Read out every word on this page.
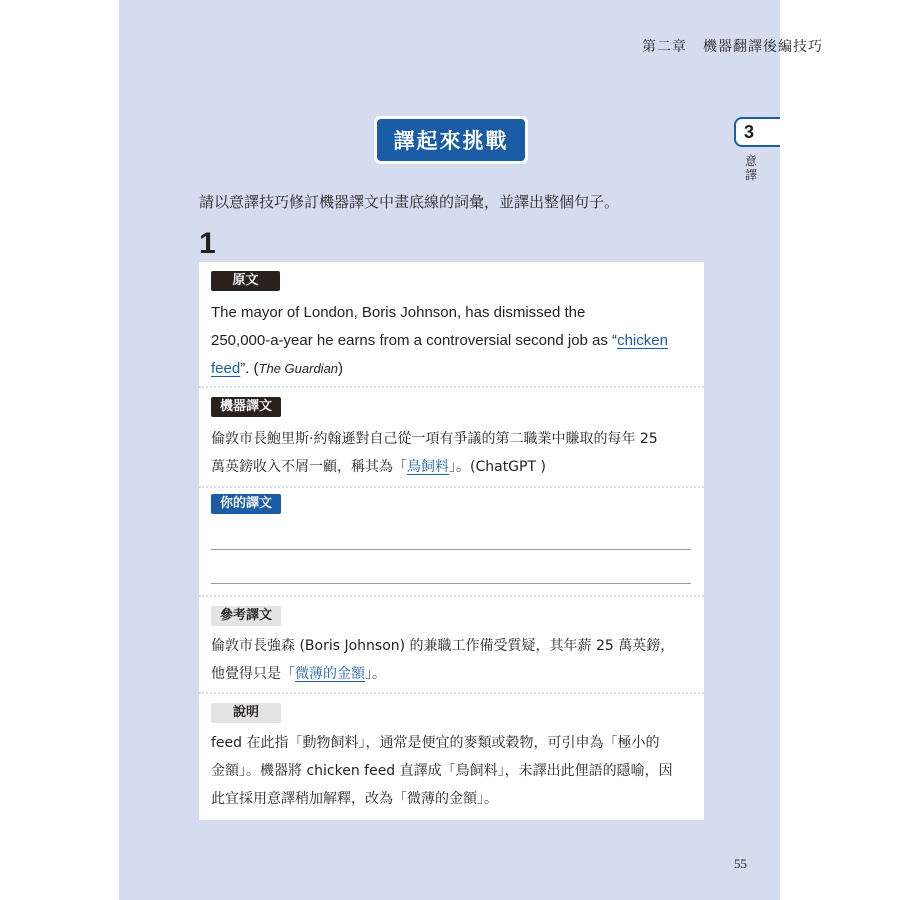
第二章 機器翻譯後編技巧
3
意譯
譯起來挑戰
請以意譯技巧修訂機器譯文中畫底線的詞彙，並譯出整個句子。
1
原文
The mayor of London, Boris Johnson, has dismissed the
250,000-a-year he earns from a controversial second job as “chicken
feed”. (The Guardian)
機器譯文
倫敦市長鮑里斯·約翰遜對自己從一項有爭議的第二職業中賺取的每年 25
萬英鎊收入不屑一顧，稱其為「鳥飼料」。(ChatGPT )
你的譯文
參考譯文
倫敦市長強森 (Boris Johnson) 的兼職工作備受質疑，其年薪 25 萬英鎊，
他覺得只是「微薄的金額」。
說明
feed 在此指「動物飼料」，通常是便宜的麥類或穀物，可引申為「極小的
金額」。機器將 chicken feed 直譯成「鳥飼料」，未譯出此俚語的隱喻，因
此宜採用意譯稍加解釋，改為「微薄的金額」。
55
